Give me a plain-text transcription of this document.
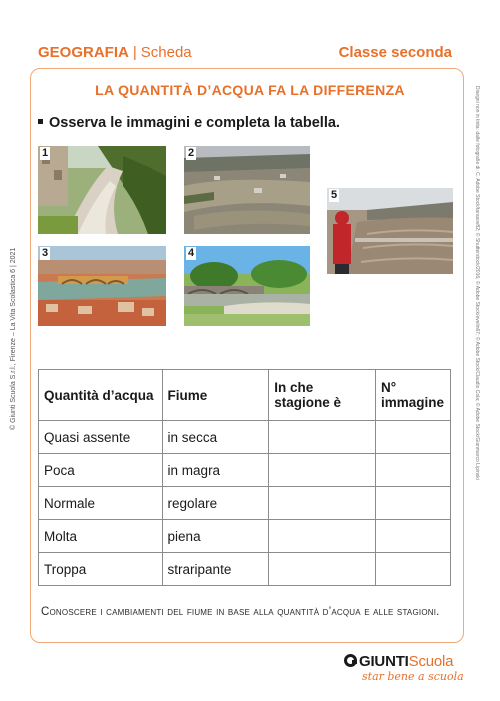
GEOGRAFIA | Scheda	Classe seconda
LA QUANTITÀ D’ACQUA FA LA DIFFERENZA
Osserva le immagini e completa la tabella.
1	2
3	4
5
Quantità d’acqua	Fiume	In che stagione è	N° immagine
Quasi assente	in secca		
Poca	in magra		
Normale	regolare		
Molta	piena		
Troppa	straripante		
Conoscere i cambiamenti del fiume in base alla quantità d’acqua e alle stagioni.
© Giunti Scuola S.r.l., Firenze – La Vita Scolastica 6 | 2021	Disegni non in tinta: dalle fotografie di: C. Adobe Stock/tarasov82; © Shutterstock/2016; © Adobe Stock/evelin67; © Adobe Stock/Claudio Cola; © Adobe Stock/Gianmarco Lipinski
GIUNTIScuola
star bene a scuola
